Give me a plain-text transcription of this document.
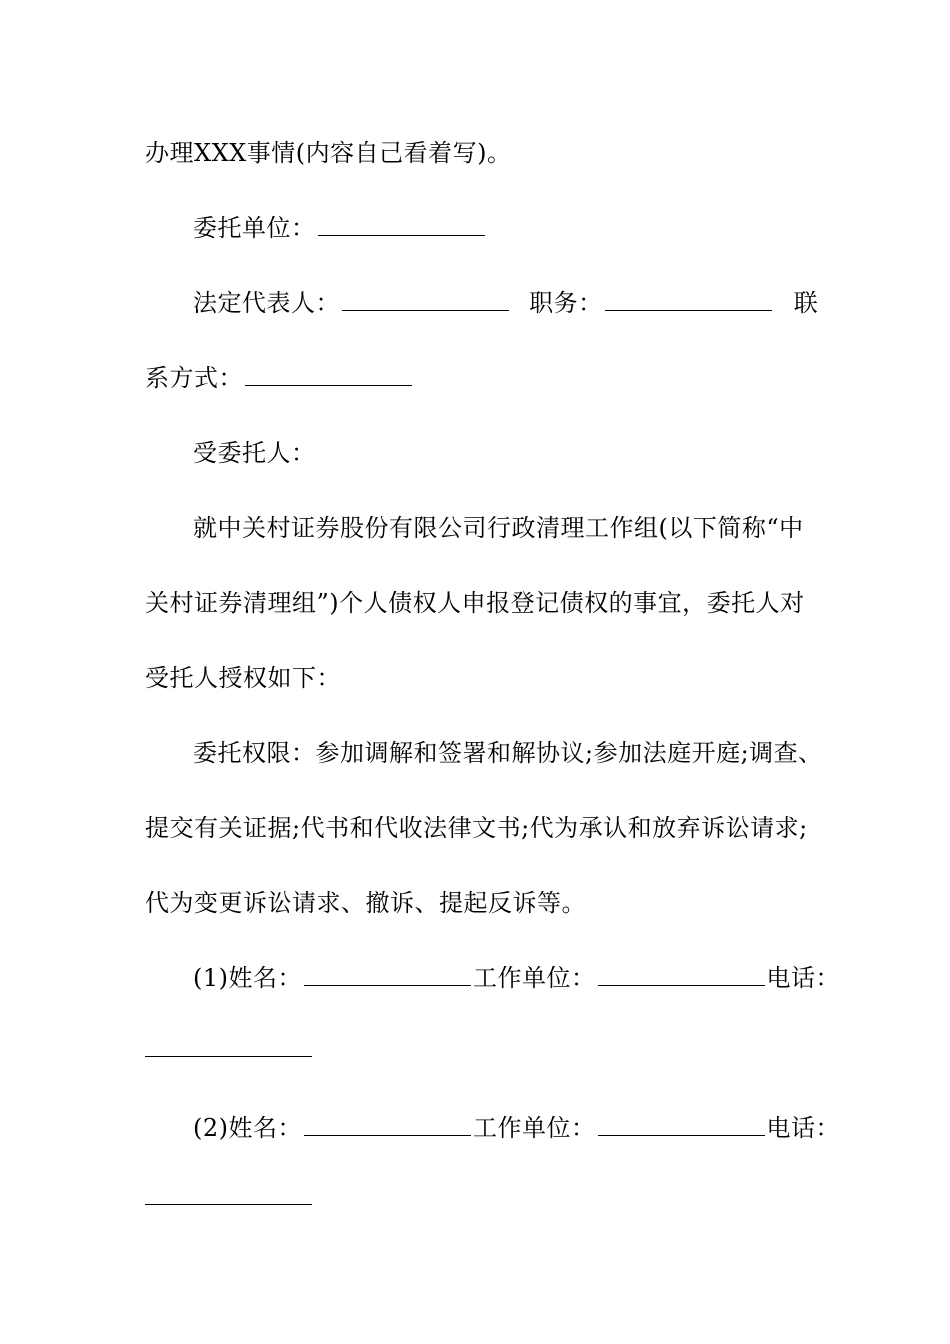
办理XXX事情(内容自己看着写)。
委托单位：
法定代表人：	职务：	联
系方式：
受委托人：
就中关村证券股份有限公司行政清理工作组(以下简称“中
关村证券清理组”)个人债权人申报登记债权的事宜，委托人对
受托人授权如下：
委托权限：参加调解和签署和解协议;参加法庭开庭;调查、
提交有关证据;代书和代收法律文书;代为承认和放弃诉讼请求;
代为变更诉讼请求、撤诉、提起反诉等。
(1)姓名：	工作单位：	电话：
(2)姓名：	工作单位：	电话：
